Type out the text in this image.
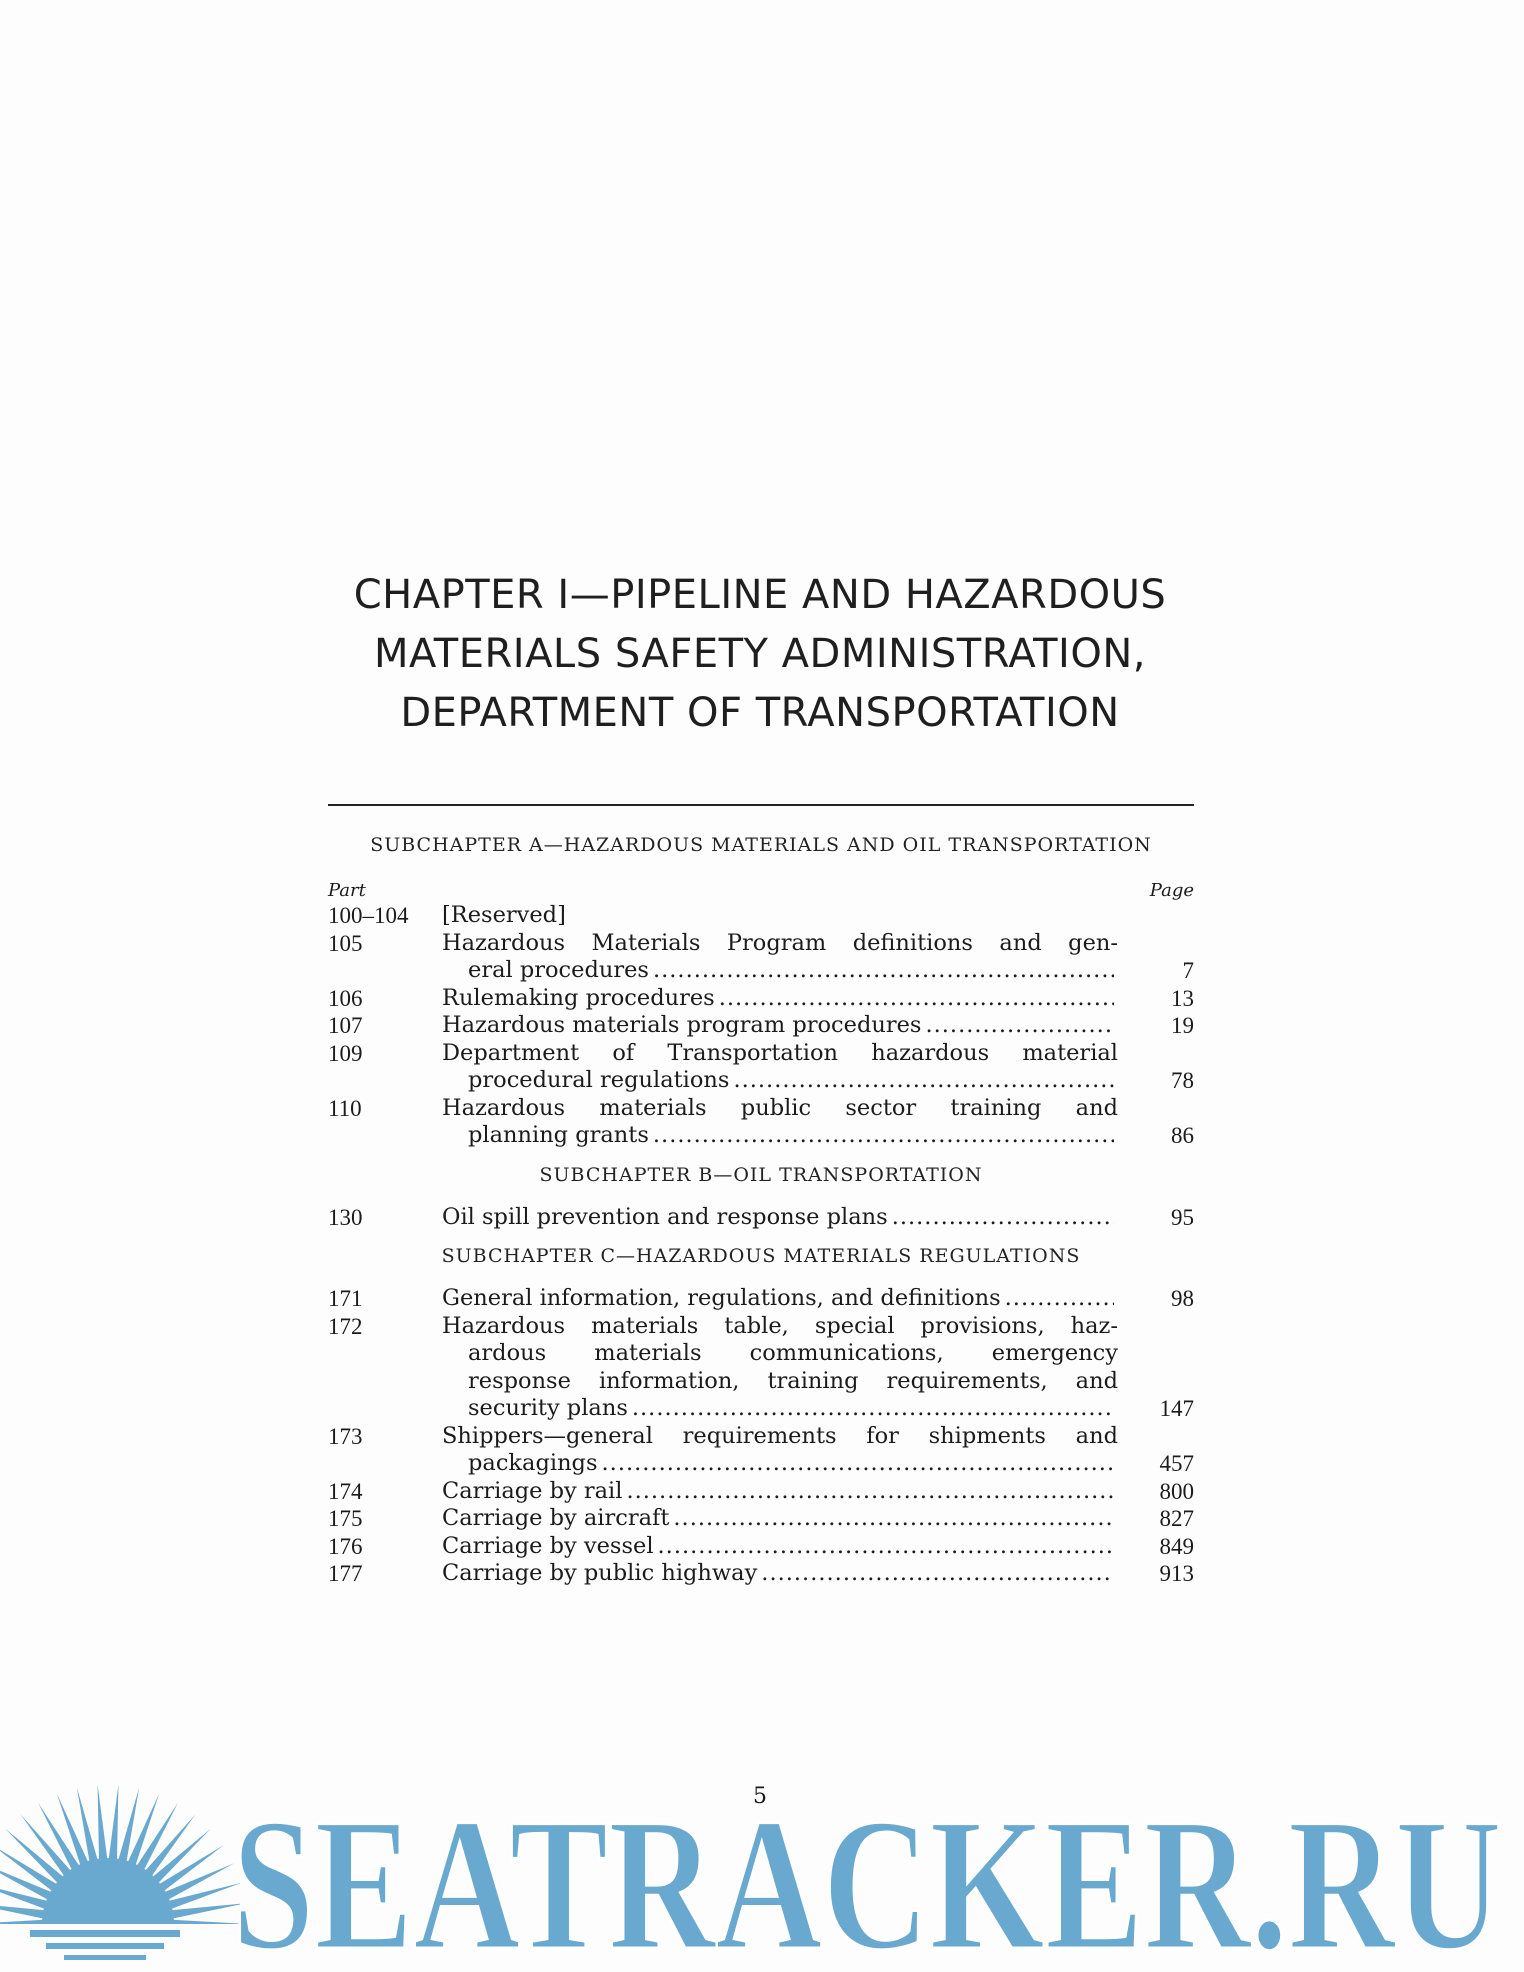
CHAPTER I—PIPELINE AND HAZARDOUS
MATERIALS SAFETY ADMINISTRATION,
DEPARTMENT OF TRANSPORTATION
SUBCHAPTER A—HAZARDOUS MATERIALS AND OIL TRANSPORTATION
Part	Page
100–104	[Reserved]
105	Hazardous Materials Program definitions and gen-
eral procedures .....	7
106	Rulemaking procedures .....	13
107	Hazardous materials program procedures .....	19
109	Department of Transportation hazardous material
procedural regulations .....	78
110	Hazardous materials public sector training and
planning grants .....	86
SUBCHAPTER B—OIL TRANSPORTATION
130	Oil spill prevention and response plans .....	95
SUBCHAPTER C—HAZARDOUS MATERIALS REGULATIONS
171	General information, regulations, and definitions .....	98
172	Hazardous materials table, special provisions, haz-
ardous materials communications, emergency
response information, training requirements, and
security plans .....	147
173	Shippers—general requirements for shipments and
packagings .....	457
174	Carriage by rail .....	800
175	Carriage by aircraft .....	827
176	Carriage by vessel .....	849
177	Carriage by public highway .....	913
SEATRACKER.RU
5
